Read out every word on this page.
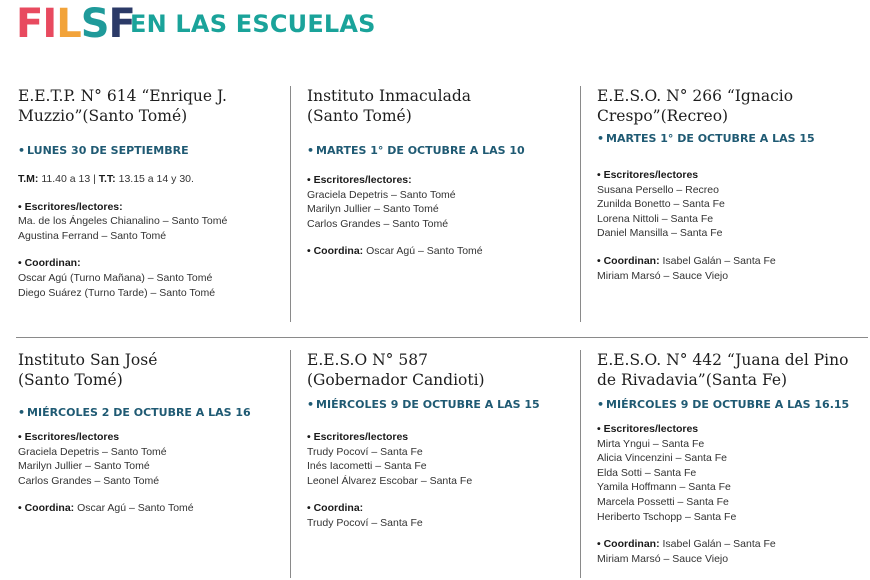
FILSF
EN LAS ESCUELAS
E.E.T.P. N° 614 “Enrique J.
Muzzio”(Santo Tomé)
• LUNES 30 DE SEPTIEMBRE
T.M: 11.40 a 13 | T.T: 13.15 a 14 y 30.
• Escritores/lectores:
Ma. de los Ángeles Chianalino – Santo Tomé
Agustina Ferrand – Santo Tomé
• Coordinan:
Oscar Agú (Turno Mañana) – Santo Tomé
Diego Suárez (Turno Tarde) – Santo Tomé
Instituto Inmaculada
(Santo Tomé)
• MARTES 1° DE OCTUBRE A LAS 10
• Escritores/lectores:
Graciela Depetris – Santo Tomé
Marilyn Jullier – Santo Tomé
Carlos Grandes – Santo Tomé
• Coordina: Oscar Agú – Santo Tomé
E.E.S.O. N° 266 “Ignacio
Crespo”(Recreo)
• MARTES 1° DE OCTUBRE A LAS 15
• Escritores/lectores
Susana Persello – Recreo
Zunilda Bonetto – Santa Fe
Lorena Nittoli – Santa Fe
Daniel Mansilla – Santa Fe
• Coordinan: Isabel Galán – Santa Fe
Miriam Marsó – Sauce Viejo
Instituto San José
(Santo Tomé)
• MIÉRCOLES 2 DE OCTUBRE A LAS 16
• Escritores/lectores
Graciela Depetris – Santo Tomé
Marilyn Jullier – Santo Tomé
Carlos Grandes – Santo Tomé
• Coordina: Oscar Agú – Santo Tomé
E.E.S.O N° 587
(Gobernador Candioti)
• MIÉRCOLES 9 DE OCTUBRE A LAS 15
• Escritores/lectores
Trudy Pocoví – Santa Fe
Inés Iacometti – Santa Fe
Leonel Álvarez Escobar – Santa Fe
• Coordina:
Trudy Pocoví – Santa Fe
E.E.S.O. N° 442 “Juana del Pino
de Rivadavia”(Santa Fe)
• MIÉRCOLES 9 DE OCTUBRE A LAS 16.15
• Escritores/lectores
Mirta Yngui – Santa Fe
Alicia Vincenzini – Santa Fe
Elda Sotti – Santa Fe
Yamila Hoffmann – Santa Fe
Marcela Possetti – Santa Fe
Heriberto Tschopp – Santa Fe
• Coordinan: Isabel Galán – Santa Fe
Miriam Marsó – Sauce Viejo
